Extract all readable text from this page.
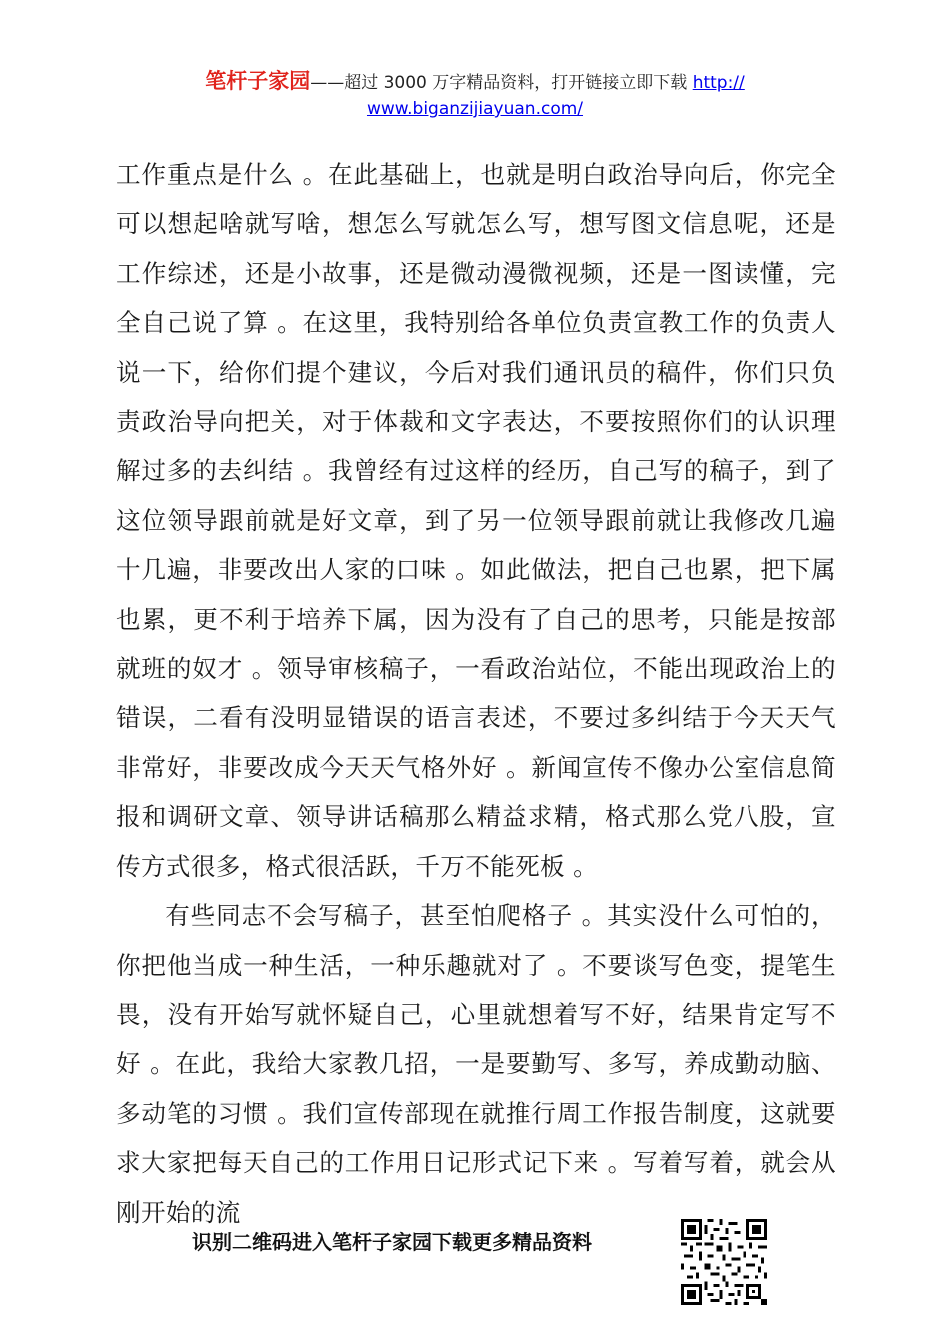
笔杆子家园——超过 3000 万字精品资料，打开链接立即下载 http://
www.biganzijiayuan.com/

工作重点是什么 。在此基础上，也就是明白政治导向后，你完全可以想起啥就写啥，想怎么写就怎么写，想写图文信息呢，还是工作综述，还是小故事，还是微动漫微视频，还是一图读懂，完全自己说了算 。在这里，我特别给各单位负责宣教工作的负责人说一下，给你们提个建议，今后对我们通讯员的稿件，你们只负责政治导向把关，对于体裁和文字表达，不要按照你们的认识理解过多的去纠结 。我曾经有过这样的经历，自己写的稿子，到了这位领导跟前就是好文章，到了另一位领导跟前就让我修改几遍十几遍，非要改出人家的口味 。如此做法，把自己也累，把下属也累，更不利于培养下属，因为没有了自己的思考，只能是按部就班的奴才 。领导审核稿子，一看政治站位，不能出现政治上的错误，二看有没明显错误的语言表述，不要过多纠结于今天天气非常好，非要改成今天天气格外好 。新闻宣传不像办公室信息简报和调研文章、领导讲话稿那么精益求精，格式那么党八股，宣传方式很多，格式很活跃，千万不能死板 。

有些同志不会写稿子，甚至怕爬格子 。其实没什么可怕的，你把他当成一种生活，一种乐趣就对了 。不要谈写色变，提笔生畏，没有开始写就怀疑自己，心里就想着写不好，结果肯定写不好 。在此，我给大家教几招，一是要勤写、多写，养成勤动脑、多动笔的习惯 。我们宣传部现在就推行周工作报告制度，这就要求大家把每天自己的工作用日记形式记下来 。写着写着，就会从刚开始的流

识别二维码进入笔杆子家园下载更多精品资料
